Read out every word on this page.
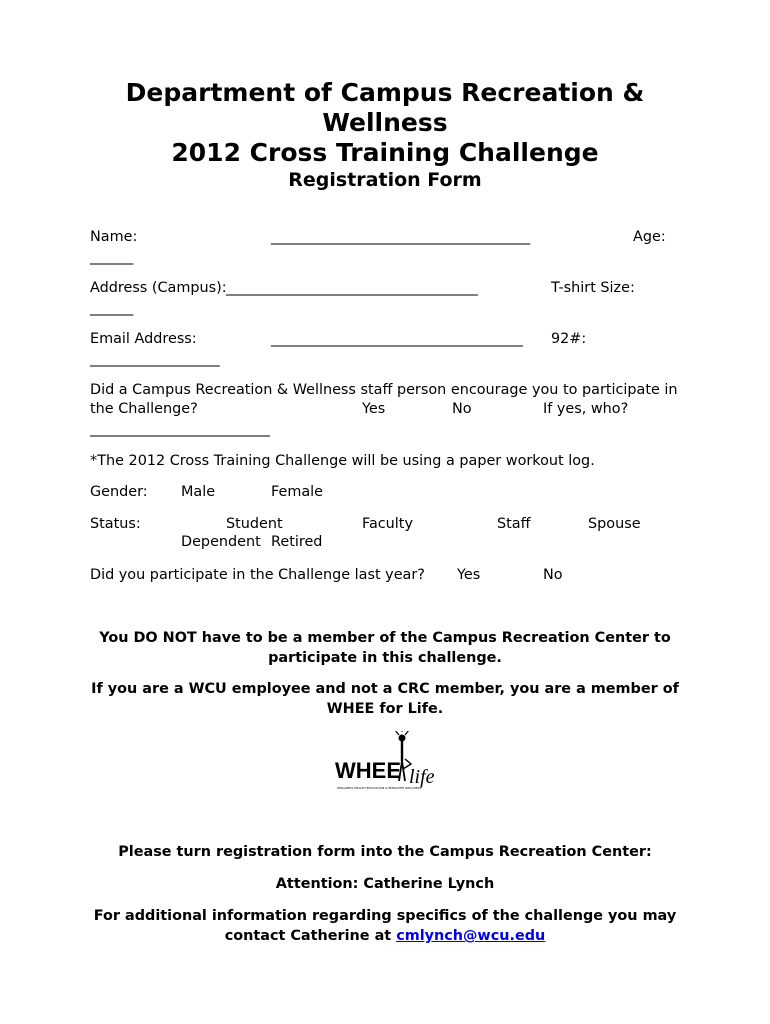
Department of Campus Recreation &
Wellness
2012 Cross Training Challenge
Registration Form
Name:	____________________________________	Age:
______
Address (Campus): ___________________________________	T-shirt Size:
______
Email Address:	___________________________________ 92#:
__________________
Did a Campus Recreation & Wellness staff person encourage you to participate in
the Challenge?	Yes	No	If yes, who?
_________________________
*The 2012 Cross Training Challenge will be using a paper workout log.
Gender: Male	Female
Status:	Student	Faculty	Staff	Spouse
Dependent Retired
Did you participate in the Challenge last year? Yes	No
You DO NOT have to be a member of the Campus Recreation Center to
participate in this challenge.
If you are a WCU employee and not a CRC member, you are a member of
WHEE for Life.
WHEE life
WELLNESS HEALTH EDUCATION & EMPLOYEE WELLNESS
Please turn registration form into the Campus Recreation Center:
Attention: Catherine Lynch
For additional information regarding specifics of the challenge you may
contact Catherine at cmlynch@wcu.edu
